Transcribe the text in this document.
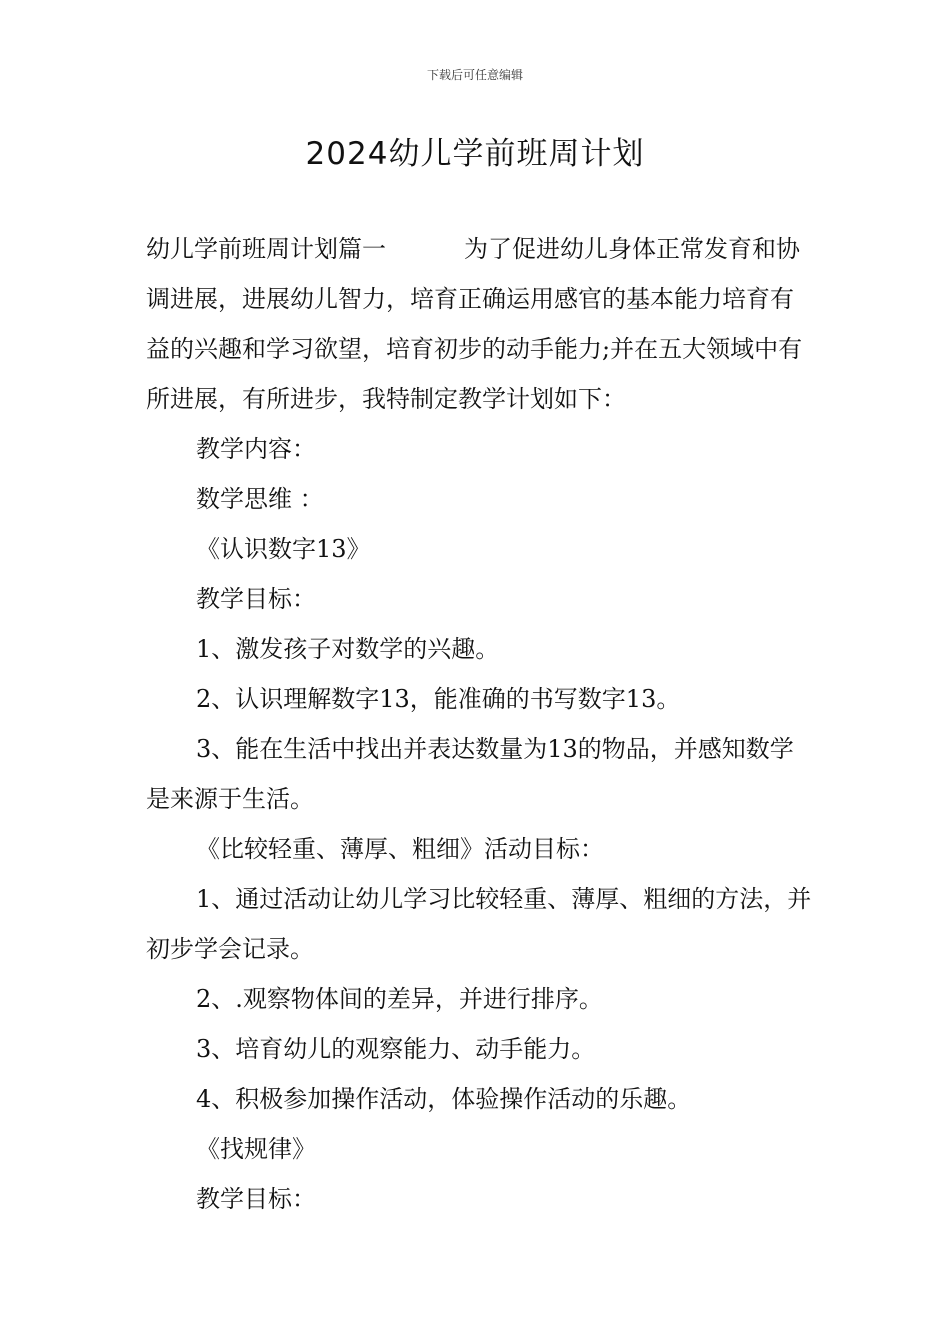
下载后可任意编辑
2024幼儿学前班周计划

幼儿学前班周计划篇一	为了促进幼儿身体正常发育和协调进展，进展幼儿智力，培育正确运用感官的基本能力培育有益的兴趣和学习欲望，培育初步的动手能力;并在五大领域中有所进展，有所进步，我特制定教学计划如下：

教学内容：

数学思维 ：

《认识数字13》

教学目标：

1、激发孩子对数学的兴趣。

2、认识理解数字13，能准确的书写数字13。

3、能在生活中找出并表达数量为13的物品，并感知数学是来源于生活。

《比较轻重、薄厚、粗细》活动目标：

1、通过活动让幼儿学习比较轻重、薄厚、粗细的方法，并初步学会记录。

2、.观察物体间的差异，并进行排序。

3、培育幼儿的观察能力、动手能力。

4、积极参加操作活动，体验操作活动的乐趣。

《找规律》

教学目标：
